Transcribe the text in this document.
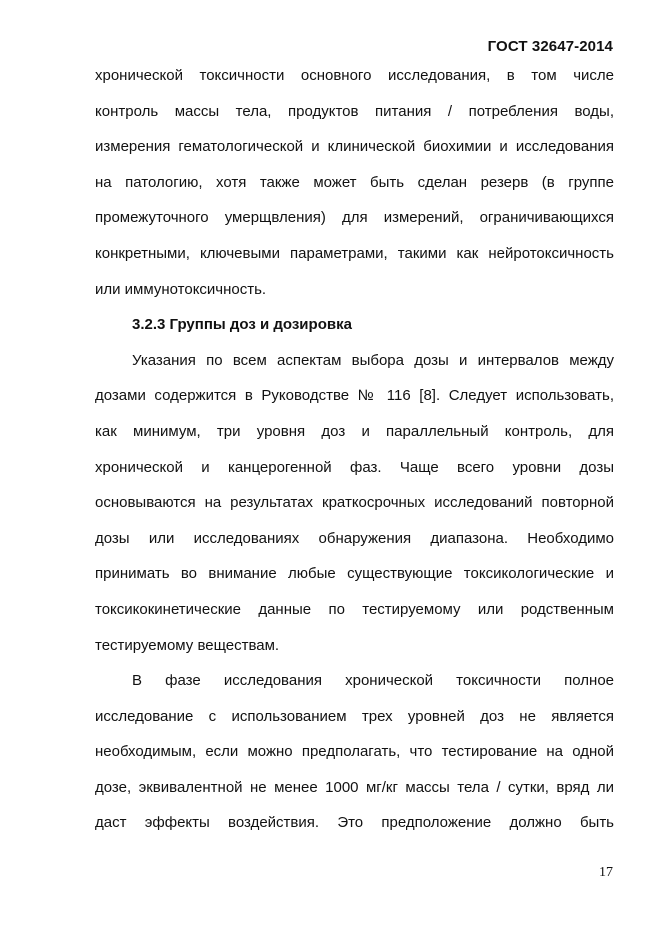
ГОСТ 32647-2014
хронической токсичности основного исследования, в том числе
контроль массы тела, продуктов питания / потребления воды,
измерения гематологической и клинической биохимии и исследования
на патологию, хотя также может быть сделан резерв (в группе
промежуточного умерщвления) для измерений, ограничивающихся
конкретными, ключевыми параметрами, такими как нейротоксичность
или иммунотоксичность.
3.2.3 Группы доз и дозировка
Указания по всем аспектам выбора дозы и интервалов между
дозами содержится в Руководстве № 116 [8]. Следует использовать,
как минимум, три уровня доз и параллельный контроль, для
хронической и канцерогенной фаз. Чаще всего уровни дозы
основываются на результатах краткосрочных исследований повторной
дозы или исследованиях обнаружения диапазона. Необходимо
принимать во внимание любые существующие токсикологические и
токсикокинетические данные по тестируемому или родственным
тестируемому веществам.
В фазе исследования хронической токсичности полное
исследование с использованием трех уровней доз не является
необходимым, если можно предполагать, что тестирование на одной
дозе, эквивалентной не менее 1000 мг/кг массы тела / сутки, вряд ли
даст эффекты воздействия. Это предположение должно быть
17
